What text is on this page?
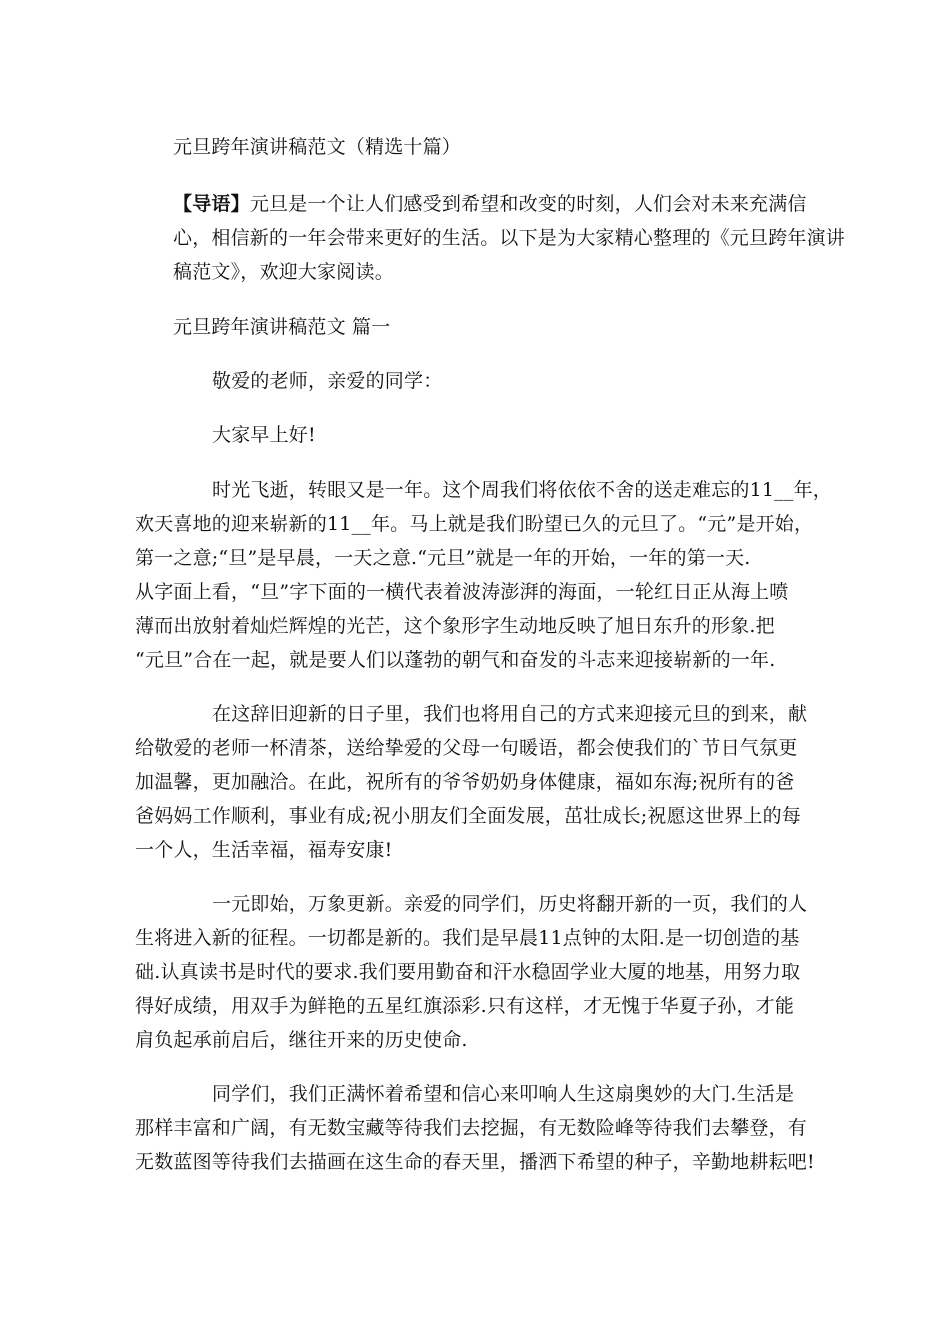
元旦跨年演讲稿范文（精选十篇）
【导语】元旦是一个让人们感受到希望和改变的时刻，人们会对未来充满信
心，相信新的一年会带来更好的生活。以下是为大家精心整理的《元旦跨年演讲
稿范文》，欢迎大家阅读。
元旦跨年演讲稿范文 篇一
敬爱的老师，亲爱的同学：
大家早上好!
时光飞逝，转眼又是一年。这个周我们将依依不舍的送走难忘的11__年，
欢天喜地的迎来崭新的11__年。马上就是我们盼望已久的元旦了。“元”是开始，
第一之意;“旦”是早晨，一天之意.“元旦”就是一年的开始，一年的第一天.
从字面上看，“旦”字下面的一横代表着波涛澎湃的海面，一轮红日正从海上喷
薄而出放射着灿烂辉煌的光芒，这个象形字生动地反映了旭日东升的形象.把
“元旦”合在一起，就是要人们以蓬勃的朝气和奋发的斗志来迎接崭新的一年.
在这辞旧迎新的日子里，我们也将用自己的方式来迎接元旦的到来，献
给敬爱的老师一杯清茶，送给挚爱的父母一句暖语，都会使我们的`节日气氛更
加温馨，更加融洽。在此，祝所有的爷爷奶奶身体健康，福如东海;祝所有的爸
爸妈妈工作顺利，事业有成;祝小朋友们全面发展，茁壮成长;祝愿这世界上的每
一个人，生活幸福，福寿安康!
一元即始，万象更新。亲爱的同学们，历史将翻开新的一页，我们的人
生将进入新的征程。一切都是新的。我们是早晨11点钟的太阳.是一切创造的基
础.认真读书是时代的要求.我们要用勤奋和汗水稳固学业大厦的地基，用努力取
得好成绩，用双手为鲜艳的五星红旗添彩.只有这样，才无愧于华夏子孙，才能
肩负起承前启后，继往开来的历史使命.
同学们，我们正满怀着希望和信心来叩响人生这扇奥妙的大门.生活是
那样丰富和广阔，有无数宝藏等待我们去挖掘，有无数险峰等待我们去攀登，有
无数蓝图等待我们去描画在这生命的春天里，播洒下希望的种子，辛勤地耕耘吧!
